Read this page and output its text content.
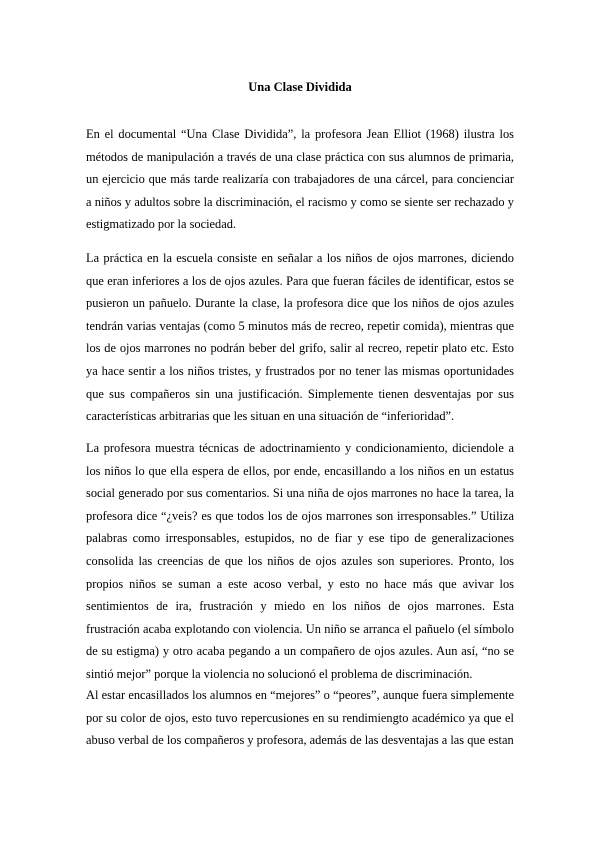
Una Clase Dividida

En el documental “Una Clase Dividida”, la profesora Jean Elliot (1968) ilustra los métodos de manipulación a través de una clase práctica con sus alumnos de primaria, un ejercicio que más tarde realizaría con trabajadores de una cárcel, para concienciar a niños y adultos sobre la discriminación, el racismo y como se siente ser rechazado y estigmatizado por la sociedad.

La práctica en la escuela consiste en señalar a los niños de ojos marrones, diciendo que eran inferiores a los de ojos azules. Para que fueran fáciles de identificar, estos se pusieron un pañuelo. Durante la clase, la profesora dice que los niños de ojos azules tendrán varias ventajas (como 5 minutos más de recreo, repetir comida), mientras que los de ojos marrones no podrán beber del grifo, salir al recreo, repetir plato etc. Esto ya hace sentir a los niños tristes, y frustrados por no tener las mismas oportunidades que sus compañeros sin una justificación. Simplemente tienen desventajas por sus características arbitrarias que les situan en una situación de “inferioridad”.

La profesora muestra técnicas de adoctrinamiento y condicionamiento, diciendole a los niños lo que ella espera de ellos, por ende, encasillando a los niños en un estatus social generado por sus comentarios. Si una niña de ojos marrones no hace la tarea, la profesora dice “¿veis? es que todos los de ojos marrones son irresponsables.” Utiliza palabras como irresponsables, estupidos, no de fiar y ese tipo de generalizaciones consolida las creencias de que los niños de ojos azules son superiores. Pronto, los propios niños se suman a este acoso verbal, y esto no hace más que avivar los sentimientos de ira, frustración y miedo en los niños de ojos marrones. Esta frustración acaba explotando con violencia. Un niño se arranca el pañuelo (el símbolo de su estigma) y otro acaba pegando a un compañero de ojos azules. Aun así, “no se sintió mejor” porque la violencia no solucionó el problema de discriminación.

Al estar encasillados los alumnos en “mejores” o “peores”, aunque fuera simplemente por su color de ojos, esto tuvo repercusiones en su rendimiengto académico ya que el abuso verbal de los compañeros y profesora, además de las desventajas a las que estan
